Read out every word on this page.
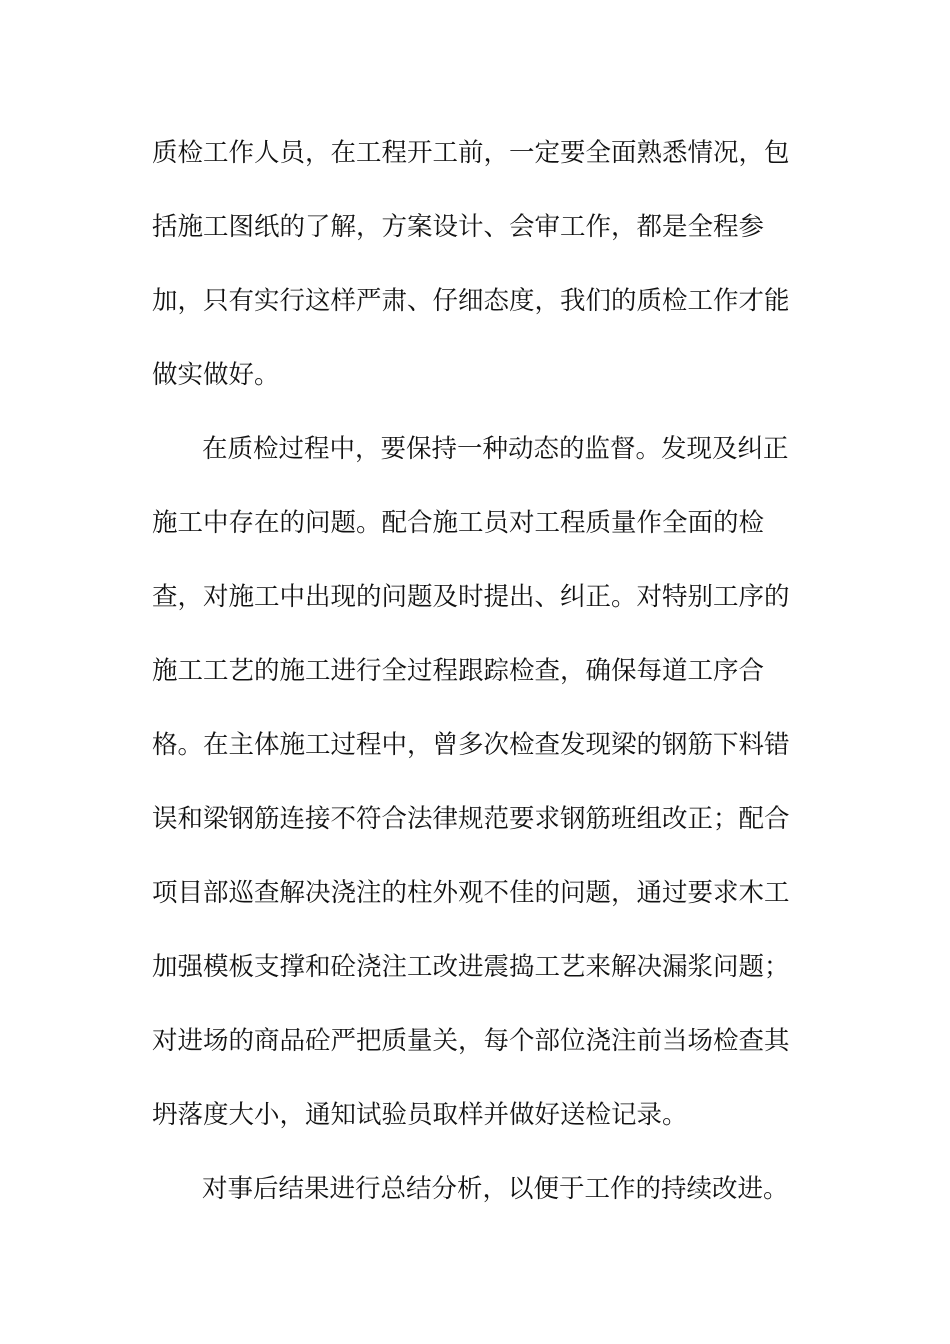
质检工作人员，在工程开工前，一定要全面熟悉情况，包
括施工图纸的了解，方案设计、会审工作，都是全程参
加，只有实行这样严肃、仔细态度，我们的质检工作才能
做实做好。
在质检过程中，要保持一种动态的监督。发现及纠正
施工中存在的问题。配合施工员对工程质量作全面的检
查，对施工中出现的问题及时提出、纠正。对特别工序的
施工工艺的施工进行全过程跟踪检查，确保每道工序合
格。在主体施工过程中，曾多次检查发现梁的钢筋下料错
误和梁钢筋连接不符合法律规范要求钢筋班组改正；配合
项目部巡查解决浇注的柱外观不佳的问题，通过要求木工
加强模板支撑和砼浇注工改进震捣工艺来解决漏浆问题；
对进场的商品砼严把质量关，每个部位浇注前当场检查其
坍落度大小，通知试验员取样并做好送检记录。
对事后结果进行总结分析，以便于工作的持续改进。
